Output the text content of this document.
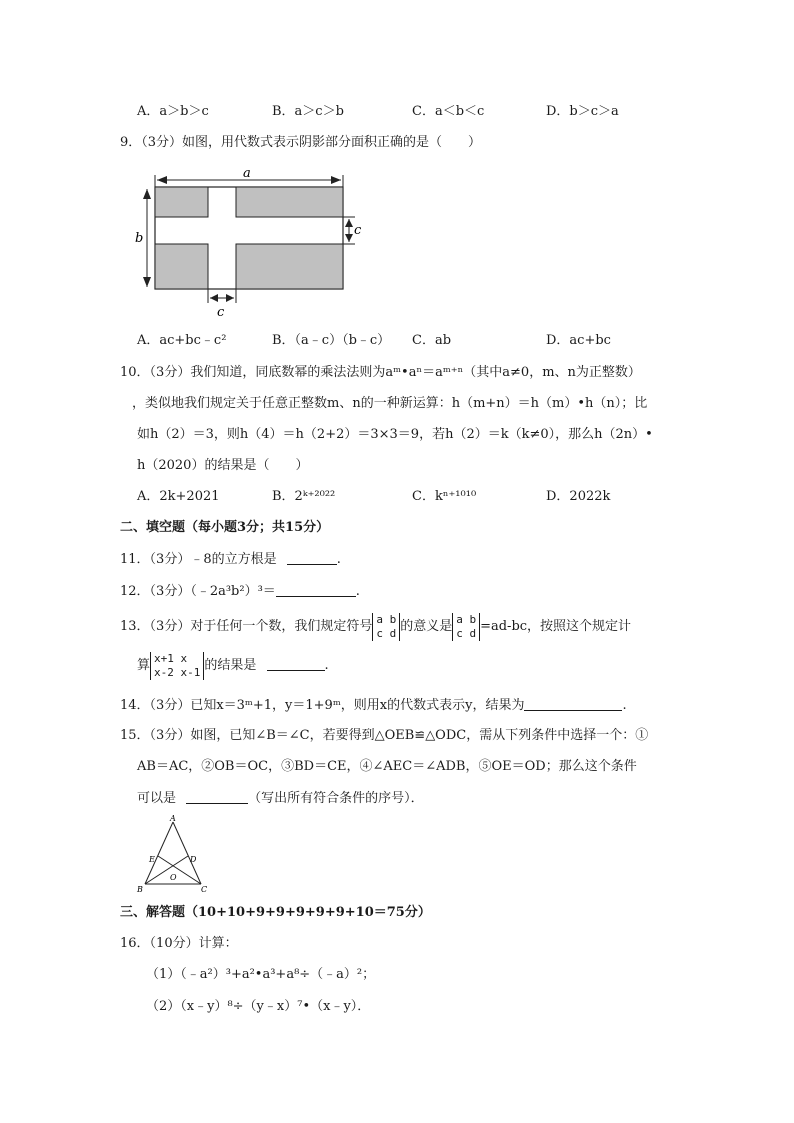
A．a＞b＞c	B．a＞c＞b	C．a＜b＜c	D．b＞c＞a
9．（3分）如图，用代数式表示阴影部分面积正确的是（　　）
a
b
c
c
A．ac+bc﹣c²	B．（a﹣c）（b﹣c） C．ab	D．ac+bc
10．（3分）我们知道，同底数幂的乘法法则为aᵐ•aⁿ＝aᵐ⁺ⁿ（其中a≠0，m、n为正整数）
，类似地我们规定关于任意正整数m、n的一种新运算：h（m+n）＝h（m）•h（n）；比
如h（2）＝3，则h（4）＝h（2+2）＝3×3＝9，若h（2）＝k（k≠0），那么h（2n）•
h（2020）的结果是（　　）
A．2k+2021	B．2ᵏ⁺²⁰²²	C．kⁿ⁺¹⁰¹⁰	D．2022k
二、填空题（每小题3分；共15分）
11．（3分）﹣8的立方根是	.
12．（3分）（﹣2a³b²）³＝	.
13．（3分）对于任何一个数，我们规定符号 a b
c d 的意义是 a b
c d =ad-bc，按照这个规定计
算 x+1 x
x-2 x-1 的结果是	.
14．（3分）已知x＝3ᵐ+1，y＝1+9ᵐ，则用x的代数式表示y，结果为	.
15．（3分）如图，已知∠B＝∠C，若要得到△OEB≌△ODC，需从下列条件中选择一个：①
AB＝AC，②OB＝OC，③BD＝CE，④∠AEC＝∠ADB，⑤OE＝OD；那么这个条件
可以是	（写出所有符合条件的序号）．
A
B	C
D
E
O
三、解答题（10+10+9+9+9+9+9+10＝75分）
16．（10分）计算：
（1）（﹣a²）³+a²•a³+a⁸÷（﹣a）²；
（2）（x﹣y）⁸÷（y﹣x）⁷•（x﹣y）．
